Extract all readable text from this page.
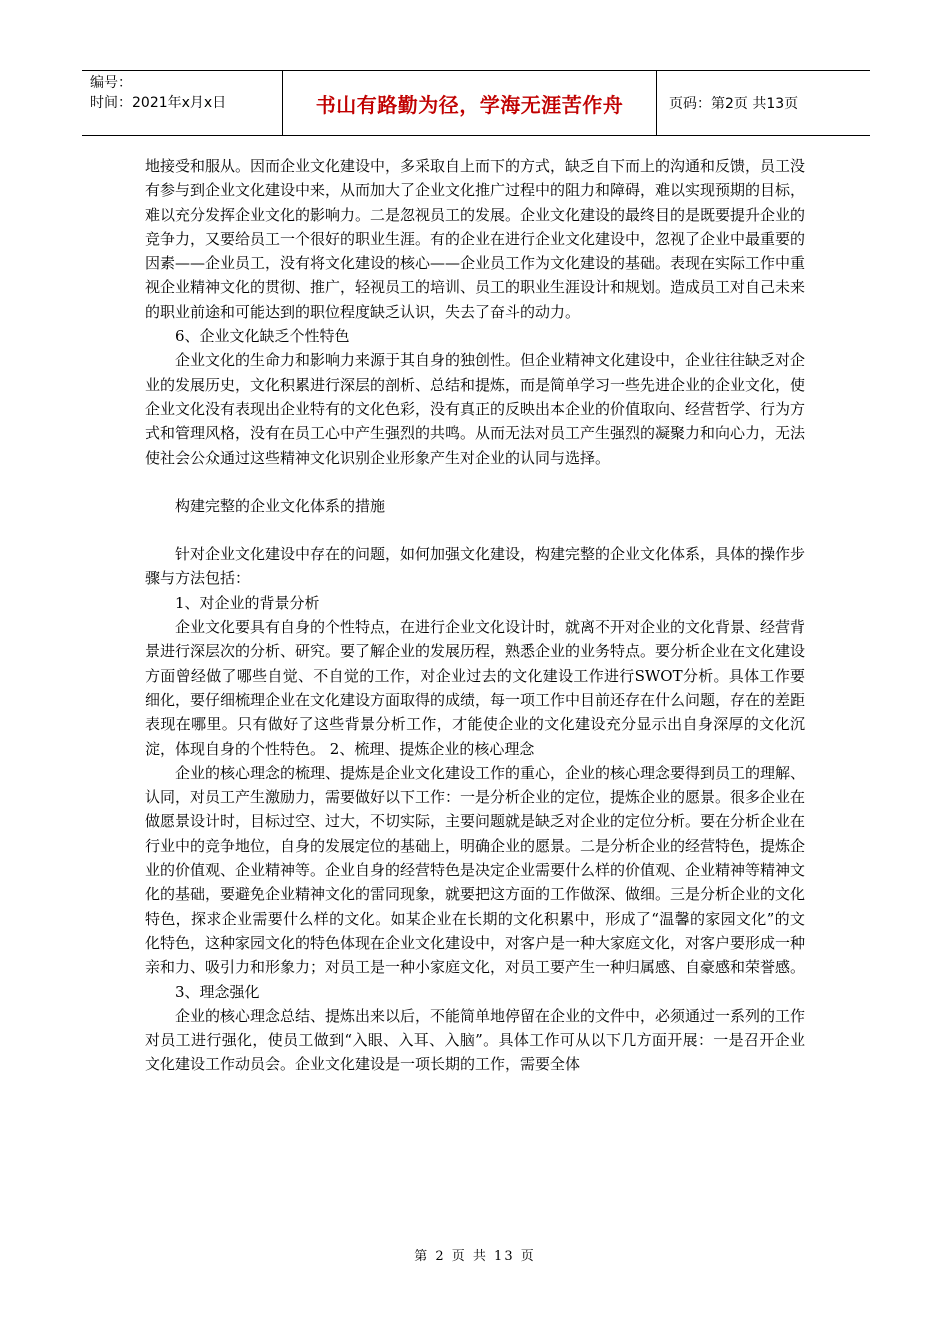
编号：
时间：2021年x月x日	书山有路勤为径，学海无涯苦作舟	页码：第2页 共13页

地接受和服从。因而企业文化建设中，多采取自上而下的方式，缺乏自下而上的沟通和反馈，员工没有参与到企业文化建设中来，从而加大了企业文化推广过程中的阻力和障碍，难以实现预期的目标，难以充分发挥企业文化的影响力。二是忽视员工的发展。企业文化建设的最终目的是既要提升企业的竞争力，又要给员工一个很好的职业生涯。有的企业在进行企业文化建设中，忽视了企业中最重要的因素——企业员工，没有将文化建设的核心——企业员工作为文化建设的基础。表现在实际工作中重视企业精神文化的贯彻、推广，轻视员工的培训、员工的职业生涯设计和规划。造成员工对自己未来的职业前途和可能达到的职位程度缺乏认识，失去了奋斗的动力。

6、企业文化缺乏个性特色

企业文化的生命力和影响力来源于其自身的独创性。但企业精神文化建设中，企业往往缺乏对企业的发展历史，文化积累进行深层的剖析、总结和提炼，而是简单学习一些先进企业的企业文化，使企业文化没有表现出企业特有的文化色彩，没有真正的反映出本企业的价值取向、经营哲学、行为方式和管理风格，没有在员工心中产生强烈的共鸣。从而无法对员工产生强烈的凝聚力和向心力，无法使社会公众通过这些精神文化识别企业形象产生对企业的认同与选择。

构建完整的企业文化体系的措施

针对企业文化建设中存在的问题，如何加强文化建设，构建完整的企业文化体系，具体的操作步骤与方法包括：

1、对企业的背景分析

企业文化要具有自身的个性特点，在进行企业文化设计时，就离不开对企业的文化背景、经营背景进行深层次的分析、研究。要了解企业的发展历程，熟悉企业的业务特点。要分析企业在文化建设方面曾经做了哪些自觉、不自觉的工作，对企业过去的文化建设工作进行SWOT分析。具体工作要细化，要仔细梳理企业在文化建设方面取得的成绩，每一项工作中目前还存在什么问题，存在的差距表现在哪里。只有做好了这些背景分析工作，才能使企业的文化建设充分显示出自身深厚的文化沉淀，体现自身的个性特色。 2、梳理、提炼企业的核心理念

企业的核心理念的梳理、提炼是企业文化建设工作的重心，企业的核心理念要得到员工的理解、认同，对员工产生激励力，需要做好以下工作：一是分析企业的定位，提炼企业的愿景。很多企业在做愿景设计时，目标过空、过大，不切实际，主要问题就是缺乏对企业的定位分析。要在分析企业在行业中的竞争地位，自身的发展定位的基础上，明确企业的愿景。二是分析企业的经营特色，提炼企业的价值观、企业精神等。企业自身的经营特色是决定企业需要什么样的价值观、企业精神等精神文化的基础，要避免企业精神文化的雷同现象，就要把这方面的工作做深、做细。三是分析企业的文化特色，探求企业需要什么样的文化。如某企业在长期的文化积累中，形成了“温馨的家园文化”的文化特色，这种家园文化的特色体现在企业文化建设中，对客户是一种大家庭文化，对客户要形成一种亲和力、吸引力和形象力；对员工是一种小家庭文化，对员工要产生一种归属感、自豪感和荣誉感。

3、理念强化

企业的核心理念总结、提炼出来以后，不能简单地停留在企业的文件中，必须通过一系列的工作对员工进行强化，使员工做到“入眼、入耳、入脑”。具体工作可从以下几方面开展：一是召开企业文化建设工作动员会。企业文化建设是一项长期的工作，需要全体

第 2 页 共 13 页
